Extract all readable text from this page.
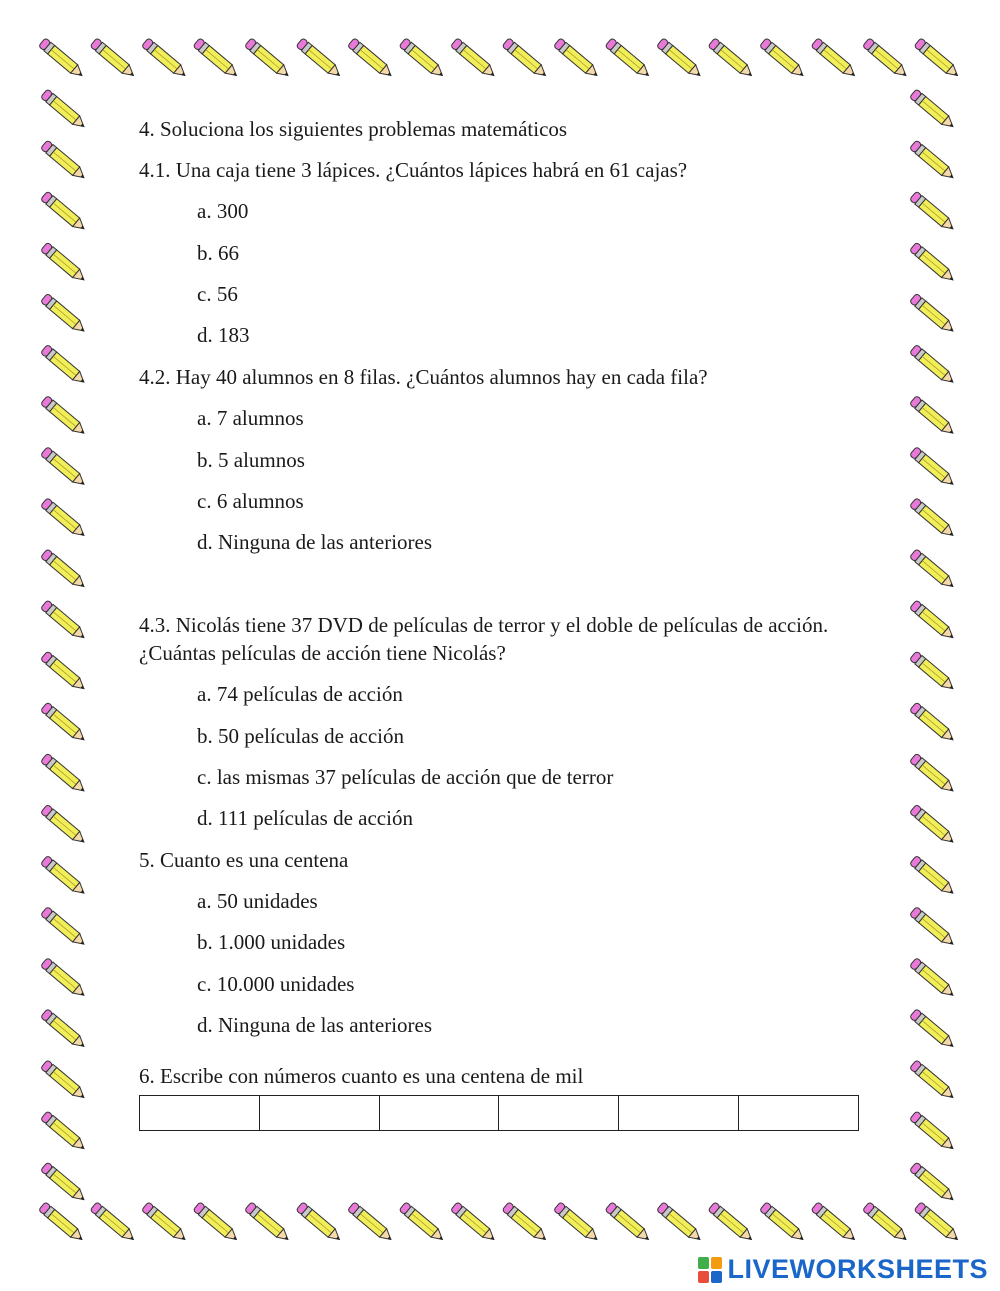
4. Soluciona los siguientes problemas matemáticos
4.1. Una caja tiene 3 lápices. ¿Cuántos lápices habrá en 61 cajas?
a. 300
b. 66
c. 56
d. 183
4.2. Hay 40 alumnos en 8 filas. ¿Cuántos alumnos hay en cada fila?
a. 7 alumnos
b. 5 alumnos
c. 6 alumnos
d. Ninguna de las anteriores
4.3. Nicolás tiene 37 DVD de películas de terror y el doble de películas de acción. ¿Cuántas películas de acción tiene Nicolás?
a. 74 películas de acción
b. 50 películas de acción
c. las mismas 37 películas de acción que de terror
d. 111 películas de acción
5. Cuanto es una centena
a. 50 unidades
b. 1.000 unidades
c. 10.000 unidades
d. Ninguna de las anteriores
6. Escribe con números cuanto es una centena de mil
LIVEWORKSHEETS
